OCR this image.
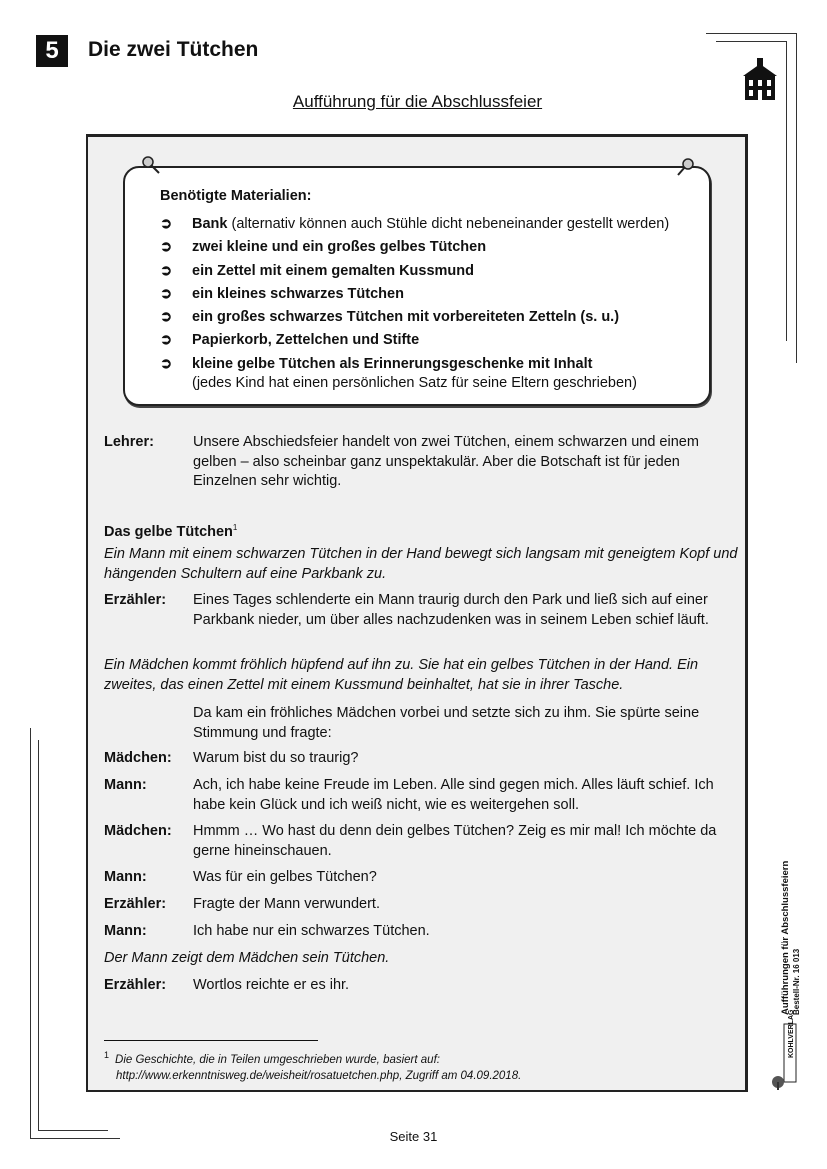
5	Die zwei Tütchen
Aufführung für die Abschlussfeier
Benötigte Materialien:
➲ Bank (alternativ können auch Stühle dicht nebeneinander gestellt werden)
➲ zwei kleine und ein großes gelbes Tütchen
➲ ein Zettel mit einem gemalten Kussmund
➲ ein kleines schwarzes Tütchen
➲ ein großes schwarzes Tütchen mit vorbereiteten Zetteln (s. u.)
➲ Papierkorb, Zettelchen und Stifte
➲ kleine gelbe Tütchen als Erinnerungsgeschenke mit Inhalt
(jedes Kind hat einen persönlichen Satz für seine Eltern geschrieben)
Lehrer:	Unsere Abschiedsfeier handelt von zwei Tütchen, einem schwarzen und einem gelben – also scheinbar ganz unspektakulär. Aber die Botschaft ist für jeden Einzelnen sehr wichtig.
Das gelbe Tütchen$^1$
Ein Mann mit einem schwarzen Tütchen in der Hand bewegt sich langsam mit geneigtem Kopf und hängenden Schultern auf eine Parkbank zu.
Erzähler: Eines Tages schlenderte ein Mann traurig durch den Park und ließ sich auf einer Parkbank nieder, um über alles nachzudenken was in seinem Leben schief läuft.
Ein Mädchen kommt fröhlich hüpfend auf ihn zu. Sie hat ein gelbes Tütchen in der Hand. Ein zweites, das einen Zettel mit einem Kussmund beinhaltet, hat sie in ihrer Tasche.
Da kam ein fröhliches Mädchen vorbei und setzte sich zu ihm. Sie spürte seine Stimmung und fragte:
Mädchen: Warum bist du so traurig?
Mann:	Ach, ich habe keine Freude im Leben. Alle sind gegen mich. Alles läuft schief. Ich habe kein Glück und ich weiß nicht, wie es weitergehen soll.
Mädchen: Hmmm … Wo hast du denn dein gelbes Tütchen? Zeig es mir mal! Ich möchte da gerne hineinschauen.
Mann:	Was für ein gelbes Tütchen?
Erzähler: Fragte der Mann verwundert.
Mann:	Ich habe nur ein schwarzes Tütchen.
Der Mann zeigt dem Mädchen sein Tütchen.
Erzähler: Wortlos reichte er es ihr.
$^1$ Die Geschichte, die in Teilen umgeschrieben wurde, basiert auf:
http://www.erkenntnisweg.de/weisheit/rosatuetchen.php, Zugriff am 04.09.2018.
Aufführungen für Abschlussfeiern Bestell-Nr. 16 013
KOHLVERLAG
Seite 31
